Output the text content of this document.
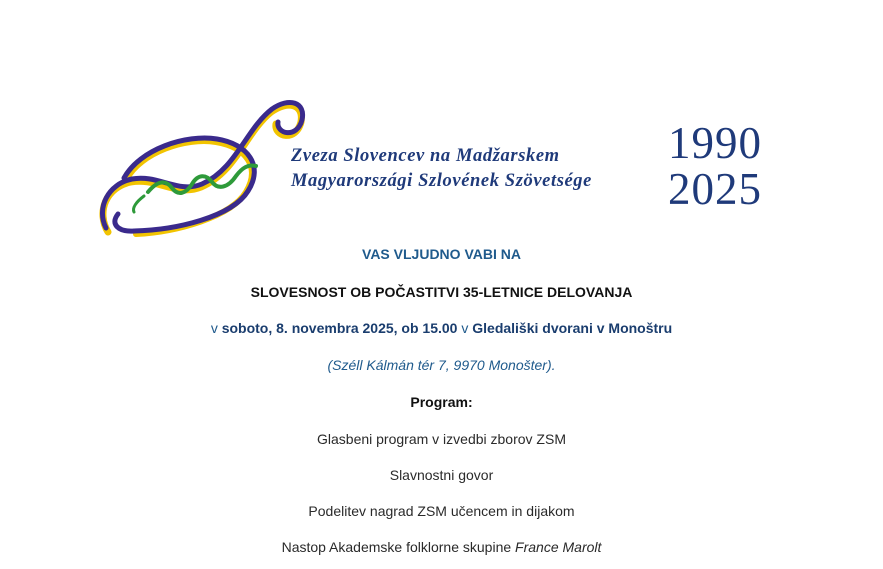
Zveza Slovencev na Madžarskem
Magyarországi Szlovének Szövetsége
1990
2025
VAS VLJUDNO VABI NA
SLOVESNOST OB POČASTITVI 35-LETNICE DELOVANJA
v soboto, 8. novembra 2025, ob 15.00 v Gledališki dvorani v Monoštru
(Széll Kálmán tér 7, 9970 Monošter).
Program:
Glasbeni program v izvedbi zborov ZSM
Slavnostni govor
Podelitev nagrad ZSM učencem in dijakom
Nastop Akademske folklorne skupine France Marolt
